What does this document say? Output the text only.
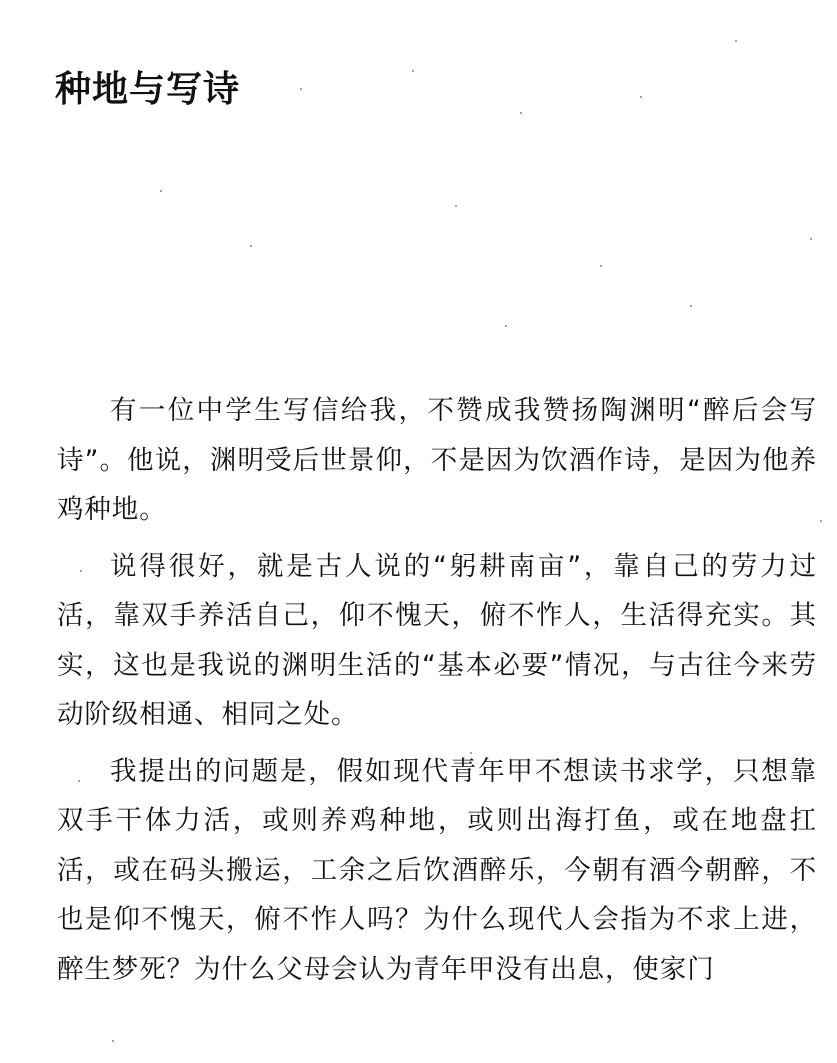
种地与写诗

有一位中学生写信给我，不赞成我赞扬陶渊明“醉后会写诗”。他说，渊明受后世景仰，不是因为饮酒作诗，是因为他养鸡种地。

说得很好，就是古人说的“躬耕南亩”，靠自己的劳力过活，靠双手养活自己，仰不愧天，俯不怍人，生活得充实。其实，这也是我说的渊明生活的“基本必要”情况，与古往今来劳动阶级相通、相同之处。

我提出的问题是，假如现代青年甲不想读书求学，只想靠双手干体力活，或则养鸡种地，或则出海打鱼，或在地盘扛活，或在码头搬运，工余之后饮酒醉乐，今朝有酒今朝醉，不也是仰不愧天，俯不怍人吗？为什么现代人会指为不求上进，醉生梦死？为什么父母会认为青年甲没有出息，使家门
